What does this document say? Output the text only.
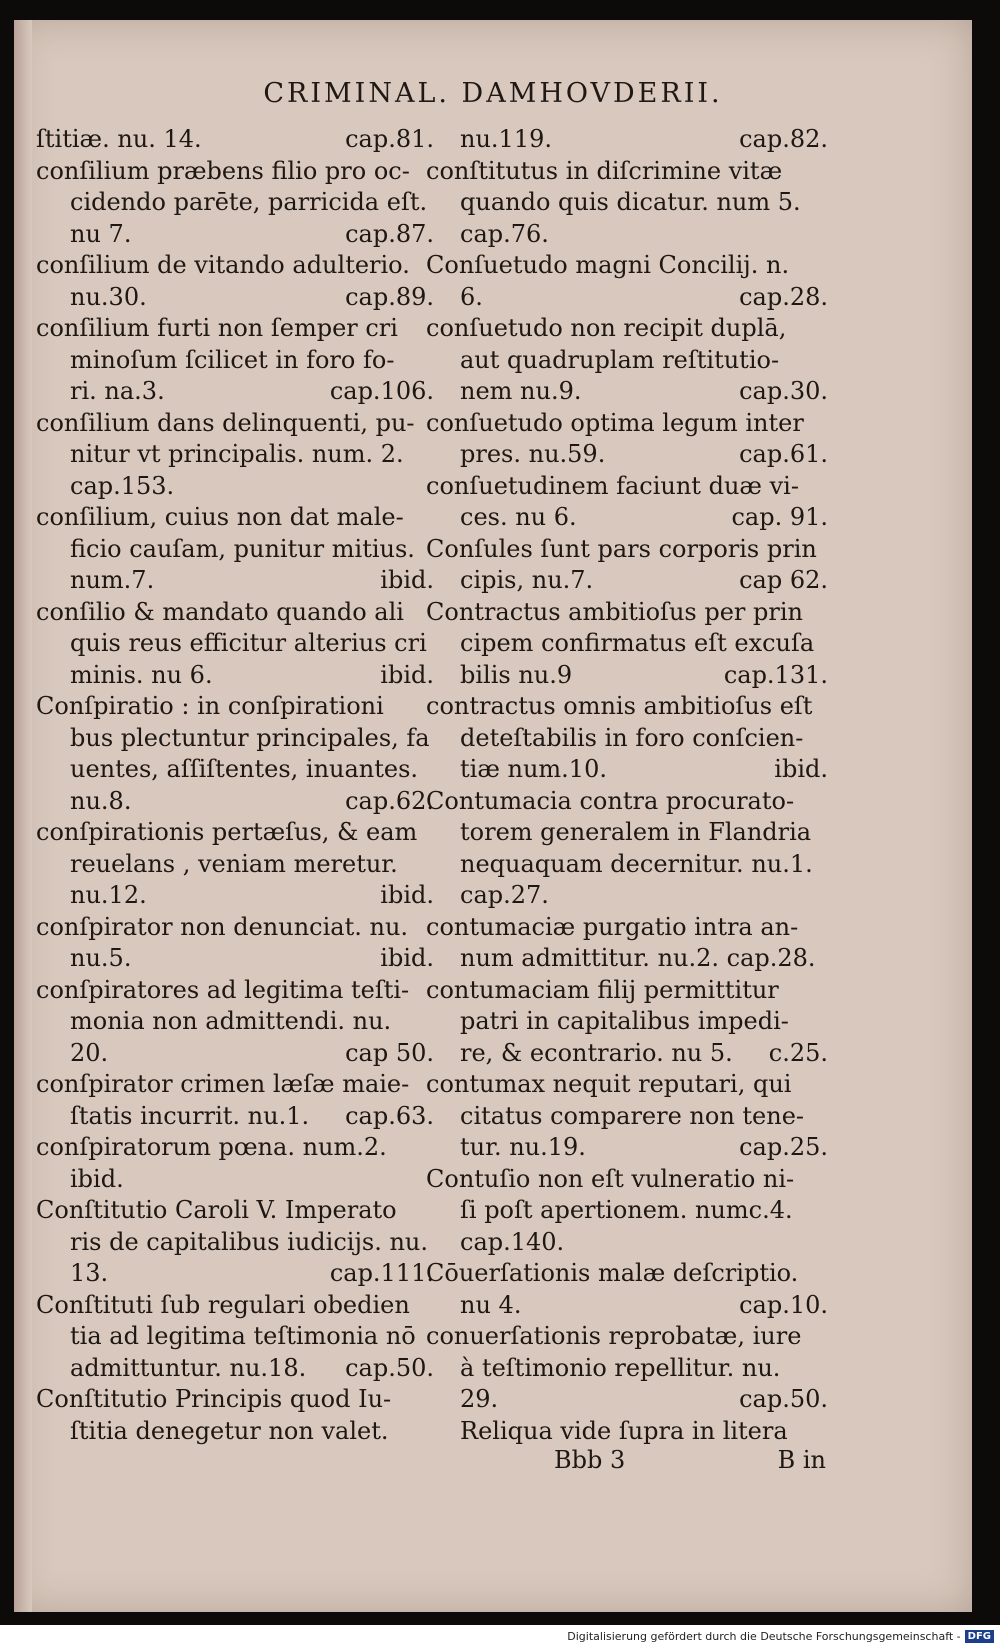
CRIMINAL. DAMHOVDERII.
ſtitiæ. nu. 14.	cap.81.
conſilium præbens filio pro oc-
cidendo parēte, parricida eſt.
nu 7.	cap.87.
conſilium de vitando adulterio.
nu.30.	cap.89.
conſilium furti non ſemper cri
minoſum ſcilicet in foro fo-
ri. na.3.	cap.106.
conſilium dans delinquenti, pu-
nitur vt principalis. num. 2.
cap.153.
conſilium, cuius non dat male-
ficio cauſam, punitur mitius.
num.7.	ibid.
conſilio & mandato quando ali
quis reus efficitur alterius cri
minis. nu 6.	ibid.
Conſpiratio : in conſpirationi
bus plectuntur principales, fa
uentes, aſſiſtentes, inuantes.
nu.8.	cap.62.
conſpirationis pertæſus, & eam
reuelans , veniam meretur.
nu.12.	ibid.
conſpirator non denunciat. nu.
nu.5.	ibid.
conſpiratores ad legitima teſti-
monia non admittendi. nu.
20.	cap 50.
conſpirator crimen læſæ maie-
ſtatis incurrit. nu.1. cap.63.
conſpiratorum pœna. num.2.
ibid.
Conſtitutio Caroli V. Imperato
ris de capitalibus iudicijs. nu.
13.	cap.111.
Conſtituti ſub regulari obedien
tia ad legitima teſtimonia nō
admittuntur. nu.18. cap.50.
Conſtitutio Principis quod Iu-
ſtitia denegetur non valet.
nu.119.	cap.82.
conſtitutus in diſcrimine vitæ
quando quis dicatur. num 5.
cap.76.
Conſuetudo magni Concilij. n.
6.	cap.28.
conſuetudo non recipit duplā,
aut quadruplam reſtitutio-
nem nu.9.	cap.30.
conſuetudo optima legum inter
pres. nu.59.	cap.61.
conſuetudinem faciunt duæ vi-
ces. nu 6.	cap. 91.
Conſules ſunt pars corporis prin
cipis, nu.7.	cap 62.
Contractus ambitioſus per prin
cipem confirmatus eſt excuſa
bilis nu.9	cap.131.
contractus omnis ambitioſus eſt
deteſtabilis in foro conſcien-
tiæ num.10.	ibid.
Contumacia contra procurato-
torem generalem in Flandria
nequaquam decernitur. nu.1.
cap.27.
contumaciæ purgatio intra an-
num admittitur. nu.2. cap.28.
contumaciam filij permittitur
patri in capitalibus impedi-
re, & econtrario. nu 5. c.25.
contumax nequit reputari, qui
citatus comparere non tene-
tur. nu.19.	cap.25.
Contuſio non eſt vulneratio ni-
ſi poſt apertionem. numc.4.
cap.140.
Cōuerſationis malæ deſcriptio.
nu 4.	cap.10.
conuerſationis reprobatæ, iure
à teſtimonio repellitur. nu.
29.	cap.50.
Reliqua vide ſupra in litera
Bbb 3	B in
Digitalisierung gefördert durch die Deutsche Forschungsgemeinschaft - DFG
